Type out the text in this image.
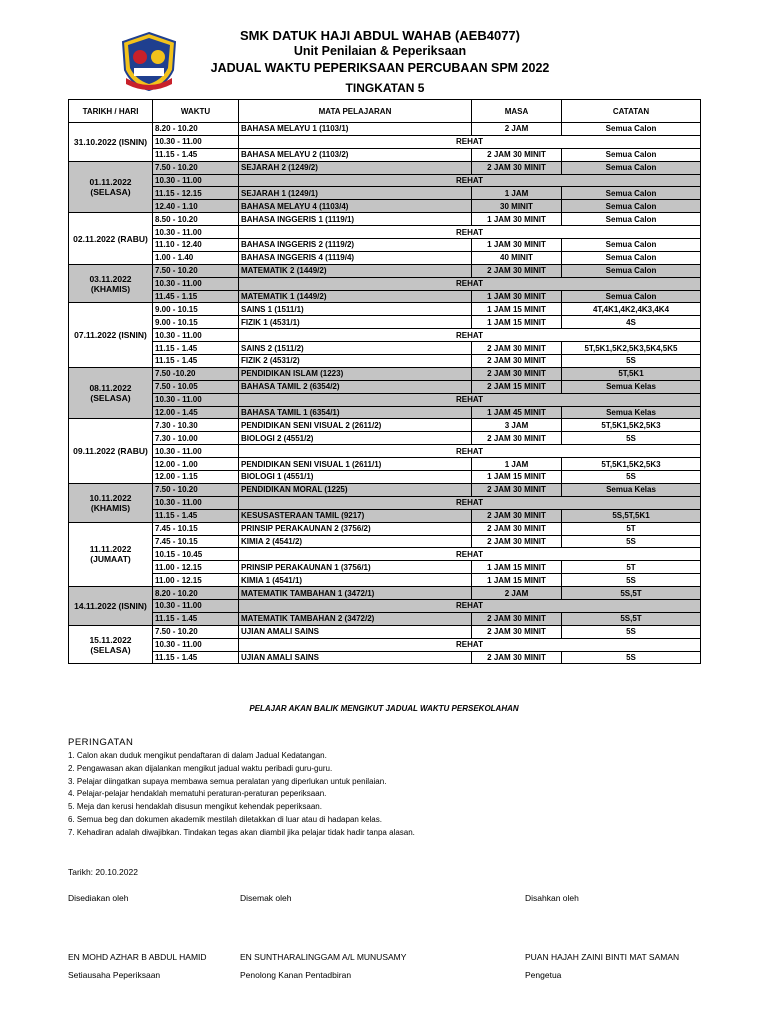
SMK DATUK HAJI ABDUL WAHAB (AEB4077)
Unit Penilaian & Peperiksaan
JADUAL WAKTU PEPERIKSAAN PERCUBAAN SPM 2022
TINGKATAN 5
TARIKH / HARI	WAKTU	MATA PELAJARAN	MASA	CATATAN	
31.10.2022 (ISNIN)	8.20 - 10.20	BAHASA MELAYU 1 (1103/1)	2 JAM	Semua Calon	
	10.30 - 11.00	REHAT			
	11.15 - 1.45	BAHASA MELAYU 2 (1103/2)	2 JAM 30 MINIT	Semua Calon	
01.11.2022 (SELASA)	7.50 - 10.20	SEJARAH 2 (1249/2)	2 JAM 30 MINIT	Semua Calon	
	10.30 - 11.00	REHAT			
	11.15 - 12.15	SEJARAH 1 (1249/1)	1 JAM	Semua Calon	
	12.40 - 1.10	BAHASA MELAYU 4 (1103/4)	30 MINIT	Semua Calon	
02.11.2022 (RABU)	8.50 - 10.20	BAHASA INGGERIS 1 (1119/1)	1 JAM 30 MINIT	Semua Calon	
	10.30 - 11.00	REHAT			
	11.10 - 12.40	BAHASA INGGERIS 2 (1119/2)	1 JAM 30 MINIT	Semua Calon	
	1.00 - 1.40	BAHASA INGGERIS 4 (1119/4)	40 MINIT	Semua Calon	
03.11.2022 (KHAMIS)	7.50 - 10.20	MATEMATIK 2 (1449/2)	2 JAM 30 MINIT	Semua Calon	
	10.30 - 11.00	REHAT			
	11.45 - 1.15	MATEMATIK 1 (1449/2)	1 JAM 30 MINIT	Semua Calon	
07.11.2022 (ISNIN)	9.00 - 10.15	SAINS 1 (1511/1)	1 JAM 15 MINIT	4T,4K1,4K2,4K3,4K4	
	9.00 - 10.15	FIZIK 1 (4531/1)	1 JAM 15 MINIT	4S	
	10.30 - 11.00	REHAT			
	11.15 - 1.45	SAINS 2 (1511/2)	2 JAM 30 MINIT	5T,5K1,5K2,5K3,5K4,5K5	
	11.15 - 1.45	FIZIK 2 (4531/2)	2 JAM 30 MINIT	5S	
08.11.2022 (SELASA)	7.50 -10.20	PENDIDIKAN ISLAM (1223)	2 JAM 30 MINIT	5T,5K1	
	7.50 - 10.05	BAHASA TAMIL 2 (6354/2)	2 JAM 15 MINIT	Semua Kelas	
	10.30 - 11.00	REHAT			
	12.00 - 1.45	BAHASA TAMIL 1 (6354/1)	1 JAM 45 MINIT	Semua Kelas	
09.11.2022 (RABU)	7.30 - 10.30	PENDIDIKAN SENI VISUAL 2 (2611/2)	3 JAM	5T,5K1,5K2,5K3	
	7.30 - 10.00	BIOLOGI 2 (4551/2)	2 JAM 30 MINIT	5S	
	10.30 - 11.00	REHAT			
	12.00 - 1.00	PENDIDIKAN SENI VISUAL 1 (2611/1)	1 JAM	5T,5K1,5K2,5K3	
	12.00 - 1.15	BIOLOGI 1 (4551/1)	1 JAM 15 MINIT	5S	
10.11.2022 (KHAMIS)	7.50 - 10.20	PENDIDIKAN MORAL (1225)	2 JAM 30 MINIT	Semua Kelas	
	10.30 - 11.00	REHAT			
	11.15 - 1.45	KESUSASTERAAN TAMIL (9217)	2 JAM 30 MINIT	5S,5T,5K1	
11.11.2022 (JUMAAT)	7.45 - 10.15	PRINSIP PERAKAUNAN 2 (3756/2)	2 JAM 30 MINIT	5T	
	7.45 - 10.15	KIMIA 2 (4541/2)	2 JAM 30 MINIT	5S	
	10.15 - 10.45	REHAT			
	11.00 - 12.15	PRINSIP PERAKAUNAN 1 (3756/1)	1 JAM 15 MINIT	5T	
	11.00 - 12.15	KIMIA 1 (4541/1)	1 JAM 15 MINIT	5S	
14.11.2022 (ISNIN)	8.20 - 10.20	MATEMATIK TAMBAHAN 1 (3472/1)	2 JAM	5S,5T	
	10.30 - 11.00	REHAT			
	11.15 - 1.45	MATEMATIK TAMBAHAN 2 (3472/2)	2 JAM 30 MINIT	5S,5T	
15.11.2022 (SELASA)	7.50 - 10.20	UJIAN AMALI SAINS	2 JAM 30 MINIT	5S	
	10.30 - 11.00	REHAT			
	11.15 - 1.45	UJIAN AMALI SAINS	2 JAM 30 MINIT	5S	
PELAJAR AKAN BALIK MENGIKUT JADUAL WAKTU PERSEKOLAHAN
PERINGATAN
1. Calon akan duduk mengikut pendaftaran di dalam Jadual Kedatangan.
2. Pengawasan akan dijalankan mengikut jadual waktu peribadi guru-guru.
3. Pelajar diingatkan supaya membawa semua peralatan yang diperlukan untuk penilaian.
4. Pelajar-pelajar hendaklah mematuhi peraturan-peraturan peperiksaan.
5. Meja dan kerusi hendaklah disusun mengikut kehendak peperiksaan.
6. Semua beg dan dokumen akademik mestilah diletakkan di luar atau di hadapan kelas.
7. Kehadiran adalah diwajibkan. Tindakan tegas akan diambil jika pelajar tidak hadir tanpa alasan.
Tarikh: 20.10.2022
Disediakan oleh	Disemak oleh	Disahkan oleh
EN MOHD AZHAR B ABDUL HAMID	EN SUNTHARALINGGAM A/L MUNUSAMY	PUAN HAJAH ZAINI BINTI MAT SAMAN
Setiausaha Peperiksaan	Penolong Kanan Pentadbiran	Pengetua
